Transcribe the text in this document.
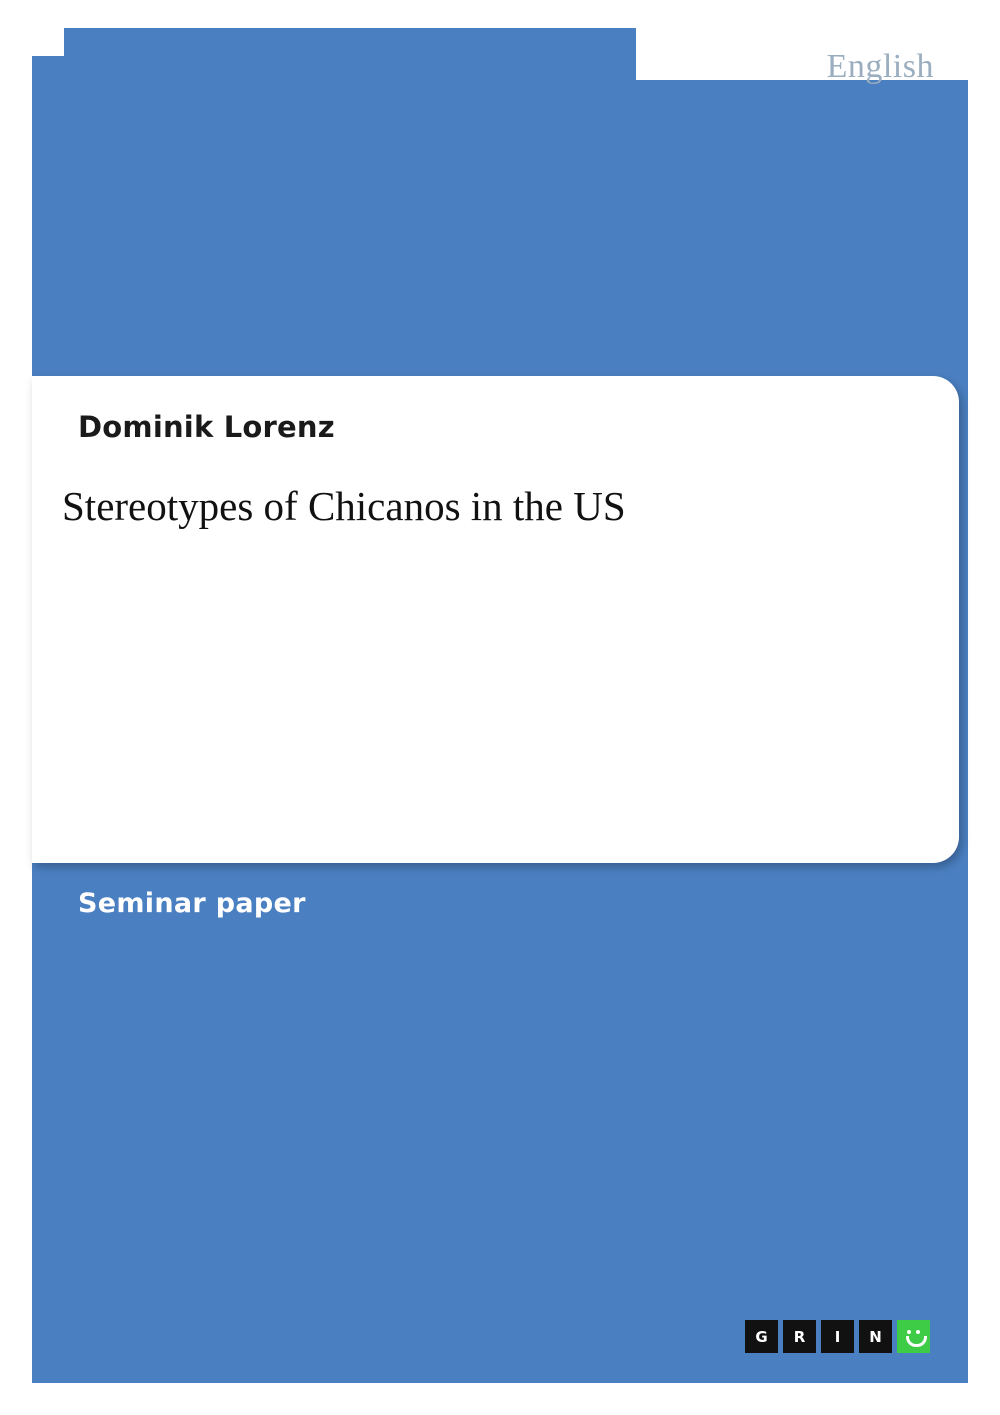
English
Dominik Lorenz
Stereotypes of Chicanos in the US
Seminar paper
G	R	I	N
